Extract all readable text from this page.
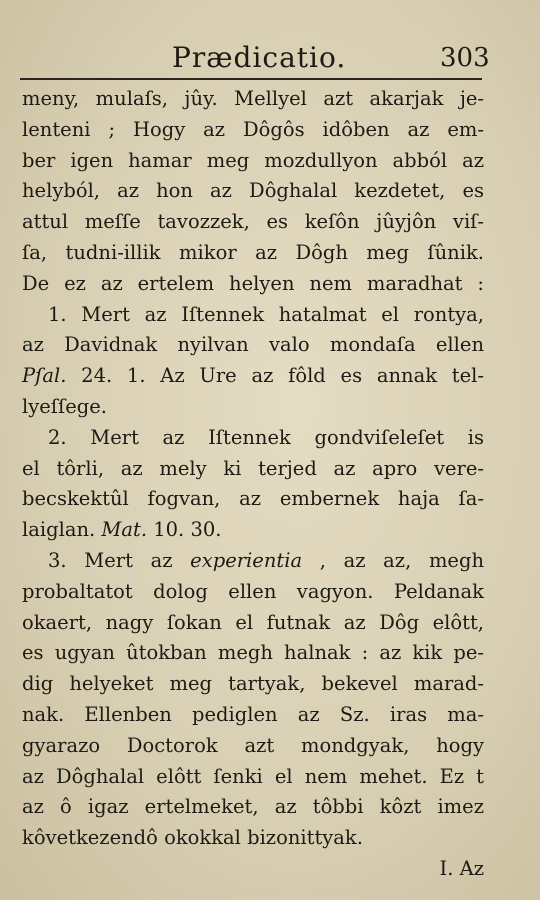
Prædicatio.	303
meny, mulaſs, jûy. Mellyel azt akarjak je-
lenteni ; Hogy az Dôgôs idôben az em-
ber igen hamar meg mozdullyon abból az
helyból, az hon az Dôghalal kezdetet, es
attul meſſe tavozzek, es keſôn jûyjôn viſ-
ſa, tudni-illik mikor az Dôgh meg ſûnik.
De ez az ertelem helyen nem maradhat :
1. Mert az Iſtennek hatalmat el rontya,
az Davidnak nyilvan valo mondaſa ellen
Pſal. 24. 1. Az Ure az fôld es annak tel-
lyeſſege.
2. Mert az Iſtennek gondviſeleſet is
el tôrli, az mely ki terjed az apro vere-
becskektûl fogvan, az embernek haja ſa-
laiglan. Mat. 10. 30.
3. Mert az experientia , az az, megh
probaltatot dolog ellen vagyon. Peldanak
okaert, nagy ſokan el futnak az Dôg elôtt,
es ugyan ûtokban megh halnak : az kik pe-
dig helyeket meg tartyak, bekevel marad-
nak. Ellenben pediglen az Sz. iras ma-
gyarazo Doctorok azt mondgyak, hogy
az Dôghalal elôtt ſenki el nem mehet. Ez t
az ô igaz ertelmeket, az tôbbi kôzt imez
kôvetkezendô okokkal bizonittyak.
I. Az
